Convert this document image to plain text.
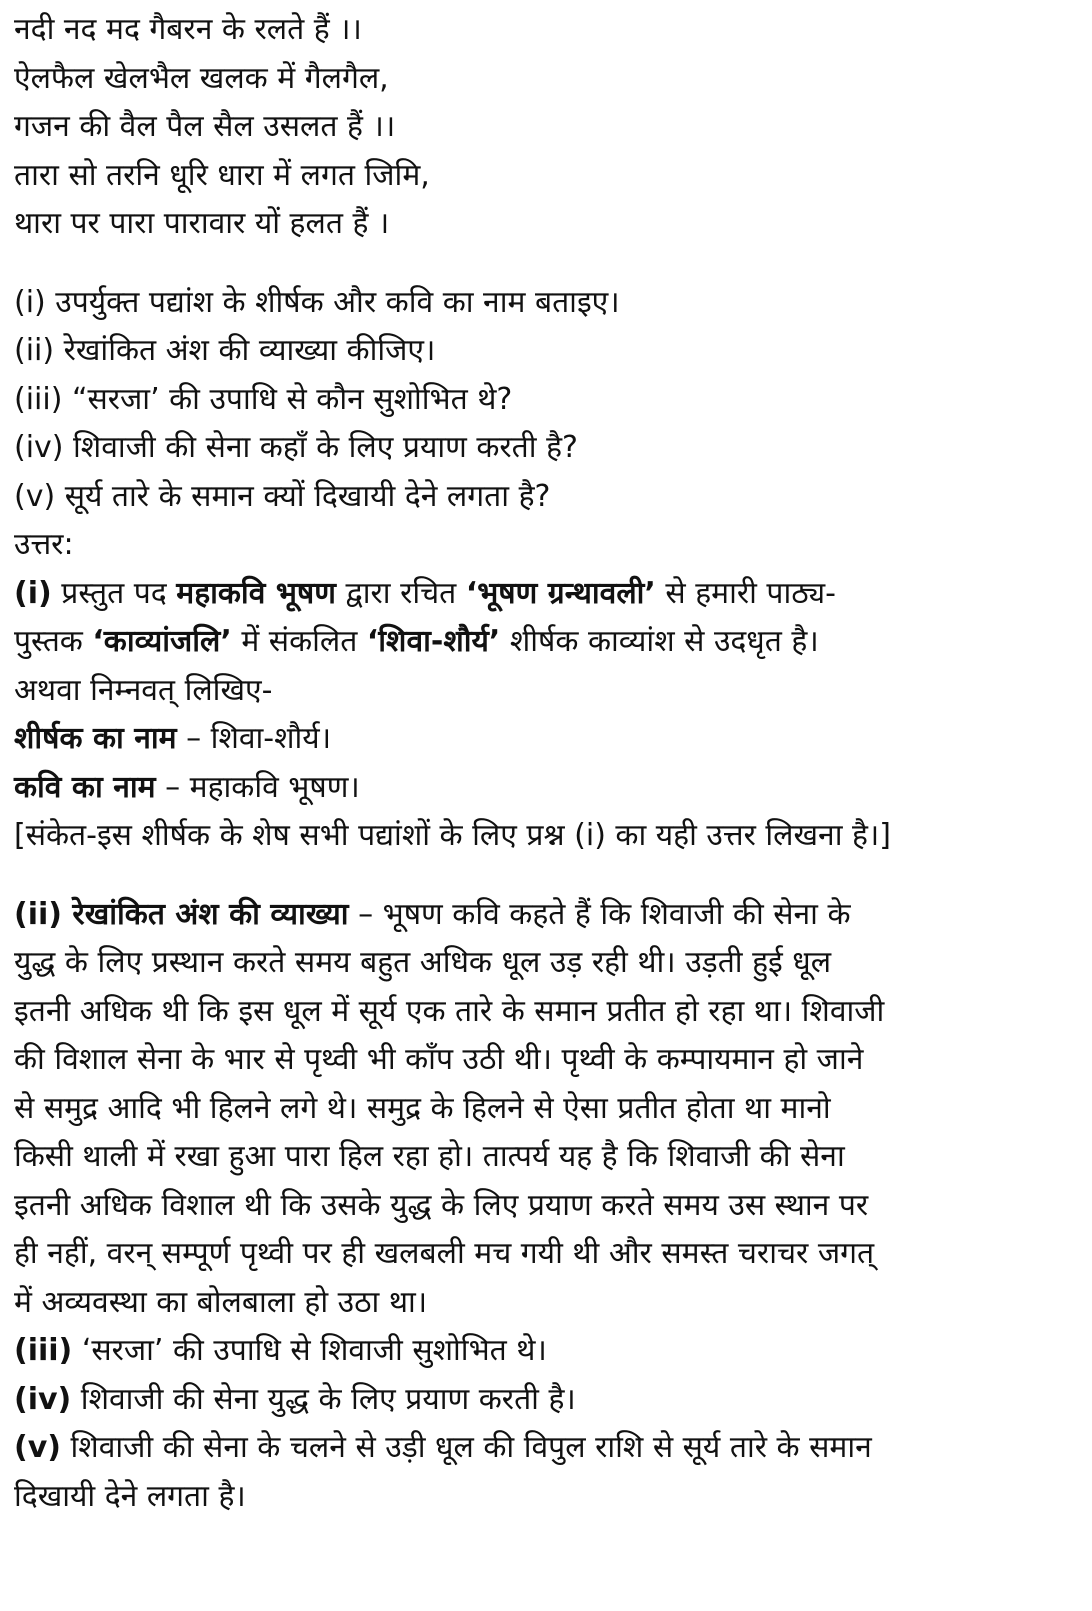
नदी नद मद गैबरन के रलते हैं ।।
ऐलफैल खेलभैल खलक में गैलगैल,
गजन की वैल पैल सैल उसलत हैं ।।
तारा सो तरनि धूरि धारा में लगत जिमि,
थारा पर पारा पारावार यों हलत हैं ।
(i) उपर्युक्त पद्यांश के शीर्षक और कवि का नाम बताइए।
(ii) रेखांकित अंश की व्याख्या कीजिए।
(iii) “सरजा’ की उपाधि से कौन सुशोभित थे?
(iv) शिवाजी की सेना कहाँ के लिए प्रयाण करती है?
(v) सूर्य तारे के समान क्यों दिखायी देने लगता है?
उत्तर:
(i) प्रस्तुत पद महाकवि भूषण द्वारा रचित ‘भूषण ग्रन्थावली’ से हमारी पाठ्य-
पुस्तक ‘काव्यांजलि’ में संकलित ‘शिवा-शौर्य’ शीर्षक काव्यांश से उदधृत है।
अथवा निम्नवत् लिखिए-
शीर्षक का नाम – शिवा-शौर्य।
कवि का नाम – महाकवि भूषण।
[संकेत-इस शीर्षक के शेष सभी पद्यांशों के लिए प्रश्न (i) का यही उत्तर लिखना है।]
(ii) रेखांकित अंश की व्याख्या – भूषण कवि कहते हैं कि शिवाजी की सेना के
युद्ध के लिए प्रस्थान करते समय बहुत अधिक धूल उड़ रही थी। उड़ती हुई धूल
इतनी अधिक थी कि इस धूल में सूर्य एक तारे के समान प्रतीत हो रहा था। शिवाजी
की विशाल सेना के भार से पृथ्वी भी काँप उठी थी। पृथ्वी के कम्पायमान हो जाने
से समुद्र आदि भी हिलने लगे थे। समुद्र के हिलने से ऐसा प्रतीत होता था मानो
किसी थाली में रखा हुआ पारा हिल रहा हो। तात्पर्य यह है कि शिवाजी की सेना
इतनी अधिक विशाल थी कि उसके युद्ध के लिए प्रयाण करते समय उस स्थान पर
ही नहीं, वरन् सम्पूर्ण पृथ्वी पर ही खलबली मच गयी थी और समस्त चराचर जगत्
में अव्यवस्था का बोलबाला हो उठा था।
(iii) ‘सरजा’ की उपाधि से शिवाजी सुशोभित थे।
(iv) शिवाजी की सेना युद्ध के लिए प्रयाण करती है।
(v) शिवाजी की सेना के चलने से उड़ी धूल की विपुल राशि से सूर्य तारे के समान
दिखायी देने लगता है।
